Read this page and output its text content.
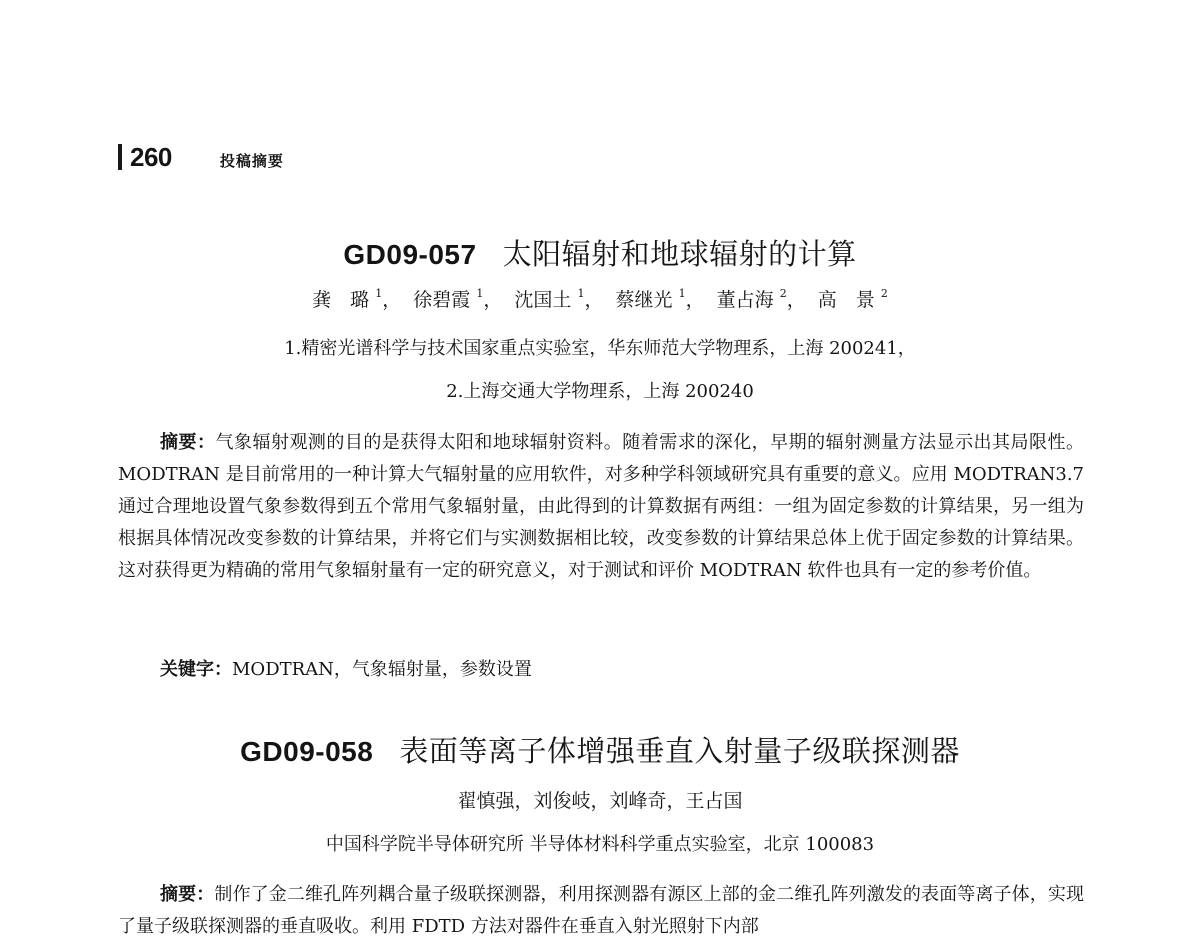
260	投稿摘要
GD09-057 太阳辐射和地球辐射的计算
龚　璐 $^1$， 徐碧霞 $^1$， 沈国土 $^1$， 蔡继光 $^1$， 董占海 $^2$， 高　景 $^2$
1.精密光谱科学与技术国家重点实验室，华东师范大学物理系，上海 200241，
2.上海交通大学物理系，上海 200240

摘要：气象辐射观测的目的是获得太阳和地球辐射资料。随着需求的深化，早期的辐射测量方法显示出其局限性。MODTRAN 是目前常用的一种计算大气辐射量的应用软件，对多种学科领域研究具有重要的意义。应用 MODTRAN3.7 通过合理地设置气象参数得到五个常用气象辐射量，由此得到的计算数据有两组：一组为固定参数的计算结果，另一组为根据具体情况改变参数的计算结果，并将它们与实测数据相比较，改变参数的计算结果总体上优于固定参数的计算结果。这对获得更为精确的常用气象辐射量有一定的研究意义，对于测试和评价 MODTRAN 软件也具有一定的参考价值。

关键字：MODTRAN，气象辐射量，参数设置
GD09-058 表面等离子体增强垂直入射量子级联探测器
翟慎强，刘俊岐，刘峰奇，王占国
中国科学院半导体研究所 半导体材料科学重点实验室，北京 100083

摘要：制作了金二维孔阵列耦合量子级联探测器，利用探测器有源区上部的金二维孔阵列激发的表面等离子体，实现了量子级联探测器的垂直吸收。利用 FDTD 方法对器件在垂直入射光照射下内部
